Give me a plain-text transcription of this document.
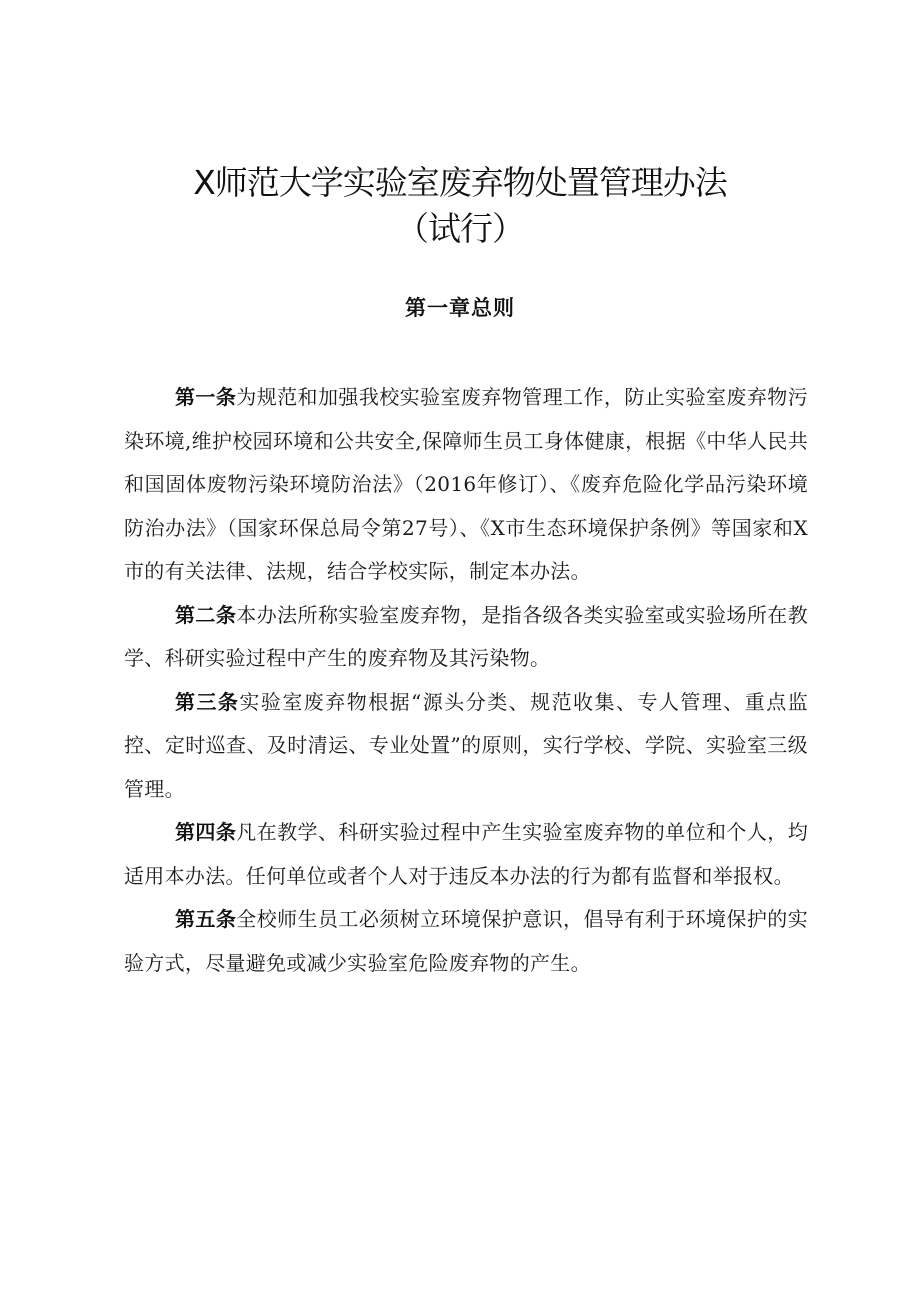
X师范大学实验室废弃物处置管理办法
（试行）
第一章总则

第一条为规范和加强我校实验室废弃物管理工作，防止实验室废弃物污染环境,维护校园环境和公共安全,保障师生员工身体健康，根据《中华人民共和国固体废物污染环境防治法》（2016年修订）、《废弃危险化学品污染环境防治办法》（国家环保总局令第27号）、《X市生态环境保护条例》等国家和X市的有关法律、法规，结合学校实际，制定本办法。

第二条本办法所称实验室废弃物，是指各级各类实验室或实验场所在教学、科研实验过程中产生的废弃物及其污染物。

第三条实验室废弃物根据“源头分类、规范收集、专人管理、重点监控、定时巡查、及时清运、专业处置”的原则，实行学校、学院、实验室三级管理。

第四条凡在教学、科研实验过程中产生实验室废弃物的单位和个人，均适用本办法。任何单位或者个人对于违反本办法的行为都有监督和举报权。

第五条全校师生员工必须树立环境保护意识，倡导有利于环境保护的实验方式，尽量避免或减少实验室危险废弃物的产生。
